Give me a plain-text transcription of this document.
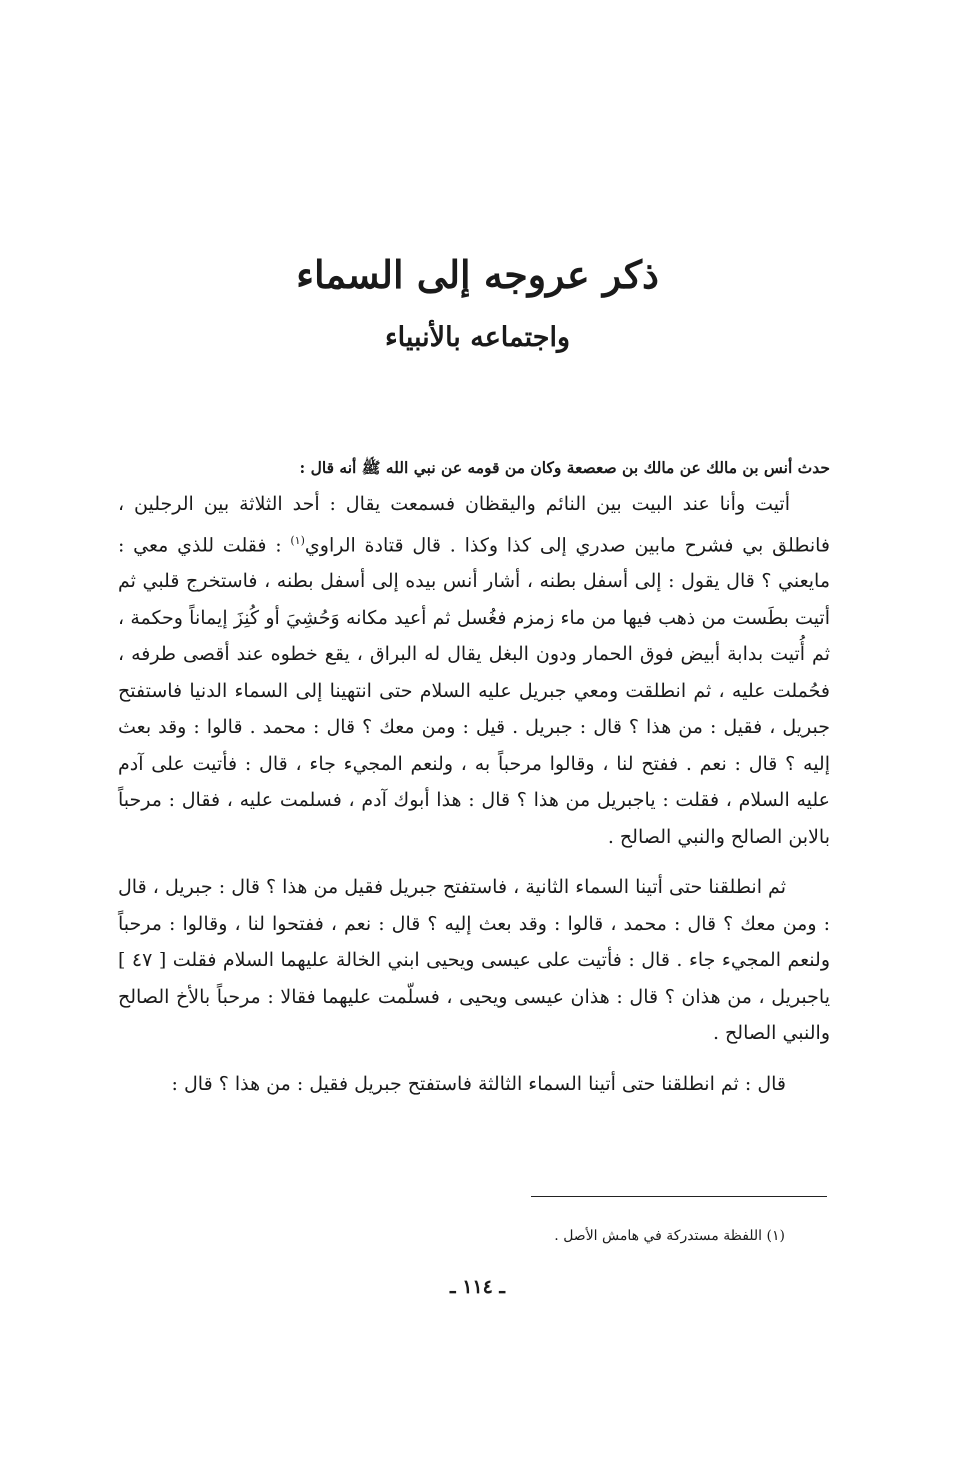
ذكر عروجه إلى السماء
واجتماعه بالأنبياء

حدث أنس بن مالك عن مالك بن صعصعة وكان من قومه عن نبي الله ﷺ أنه قال :

أتيت وأنا عند البيت بين النائم واليقظان فسمعت يقال : أحد الثلاثة بين الرجلين ، فانطلق بي فشرح مابين صدري إلى كذا وكذا . قال قتادة الراوي$^{(١)}$ : فقلت للذي معي : مايعني ؟ قال يقول : إلى أسفل بطنه ، أشار أنس بيده إلى أسفل بطنه ، فاستخرج قلبي ثم أتيت بطَست من ذهب فيها من ماء زمزم فغُسل ثم أعيد مكانه وَحُشِيَ أو كُنِزَ إيماناً وحكمة ، ثم أُتيت بدابة أبيض فوق الحمار ودون البغل يقال له البراق ، يقع خطوه عند أقصى طرفه ، فحُملت عليه ، ثم انطلقت ومعي جبريل عليه السلام حتى انتهينا إلى السماء الدنيا فاستفتح جبريل ، فقيل : من هذا ؟ قال : جبريل . قيل : ومن معك ؟ قال : محمد . قالوا : وقد بعث إليه ؟ قال : نعم . ففتح لنا ، وقالوا مرحباً به ، ولنعم المجيء جاء ، قال : فأتيت على آدم عليه السلام ، فقلت : ياجبريل من هذا ؟ قال : هذا أبوك آدم ، فسلمت عليه ، فقال : مرحباً بالابن الصالح والنبي الصالح .

ثم انطلقنا حتى أتينا السماء الثانية ، فاستفتح جبريل فقيل من هذا ؟ قال : جبريل ، قال : ومن معك ؟ قال : محمد ، قالوا : وقد بعث إليه ؟ قال : نعم ، ففتحوا لنا ، وقالوا : مرحباً ولنعم المجيء جاء . قال : فأتيت على عيسى ويحيى ابني الخالة عليهما السلام فقلت [ ٤٧ ] ياجبريل ، من هذان ؟ قال : هذان عيسى ويحيى ، فسلّمت عليهما فقالا : مرحباً بالأخ الصالح والنبي الصالح .

قال : ثم انطلقنا حتى أتينا السماء الثالثة فاستفتح جبريل فقيل : من هذا ؟ قال :

(١) اللفظة مستدركة في هامش الأصل .
ـ ١١٤ ـ
